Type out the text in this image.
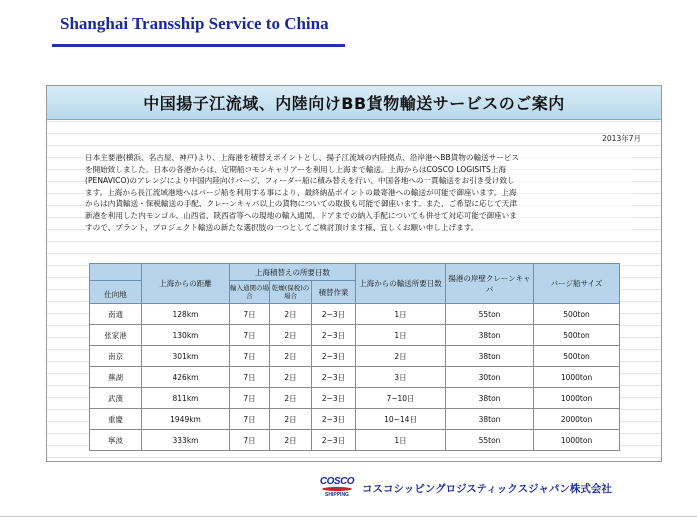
Shanghai Transship Service to China
中国揚子江流域、内陸向けBB貨物輸送サービスのご案内
2013年7月

日本主要港(横浜、名古屋、神戸)より、上海港を積替えポイントとし、揚子江流域の内陸拠点、沿岸港へBB貨物の輸送サービス
を開始致しました。日本の各港からは、定期船コモンキャリアーを利用し上海まで輸送。上海からはCOSCO LOGISITS上海
(PENAVICO)のアレンジにより中国内陸向けバージ、フィーダー船に積み替えを行い、中国各地への一貫輸送をお引き受け致し
ます。上海から長江流域港地へはバージ船を利用する事により、最終納品ポイントの最寄港への輸送が可能で御座います。上海
からは内貨輸送・保税輸送の手配、クレーンキャパ以上の貨物についての取扱も可能で御座います。また、ご希望に応じて天津
新港を利用した内モンゴル、山西省、陝西省等への現地の輸入通関、ドアまでの納入手配についても併せて対応可能で御座いま
すので、プラント、プロジェクト輸送の新たな選択肢の一つとしてご検討頂けます様、宜しくお願い申し上げます。

	上海からの距離	上海積替えの所要日数			上海からの輸送所要日数	揚港の岸壁クレーンキャパ	バージ船サイズ
		輸入通関の場合	乾燥(保税)の場合	積替作業			
仕向地							
南通	128km	7日	2日	2−3日	1日	55ton	500ton
张家港	130km	7日	2日	2−3日	1日	38ton	500ton
南京	301km	7日	2日	2−3日	2日	38ton	500ton
蕪湖	426km	7日	2日	2−3日	3日	30ton	1000ton
武漢	811km	7日	2日	2−3日	7−10日	38ton	1000ton
重慶	1949km	7日	2日	2−3日	10−14日	38ton	2000ton
寧波	333km	7日	2日	2−3日	1日	55ton	1000ton
COSCO
SHIPPING
コスコシッピングロジスティックスジャパン株式会社
